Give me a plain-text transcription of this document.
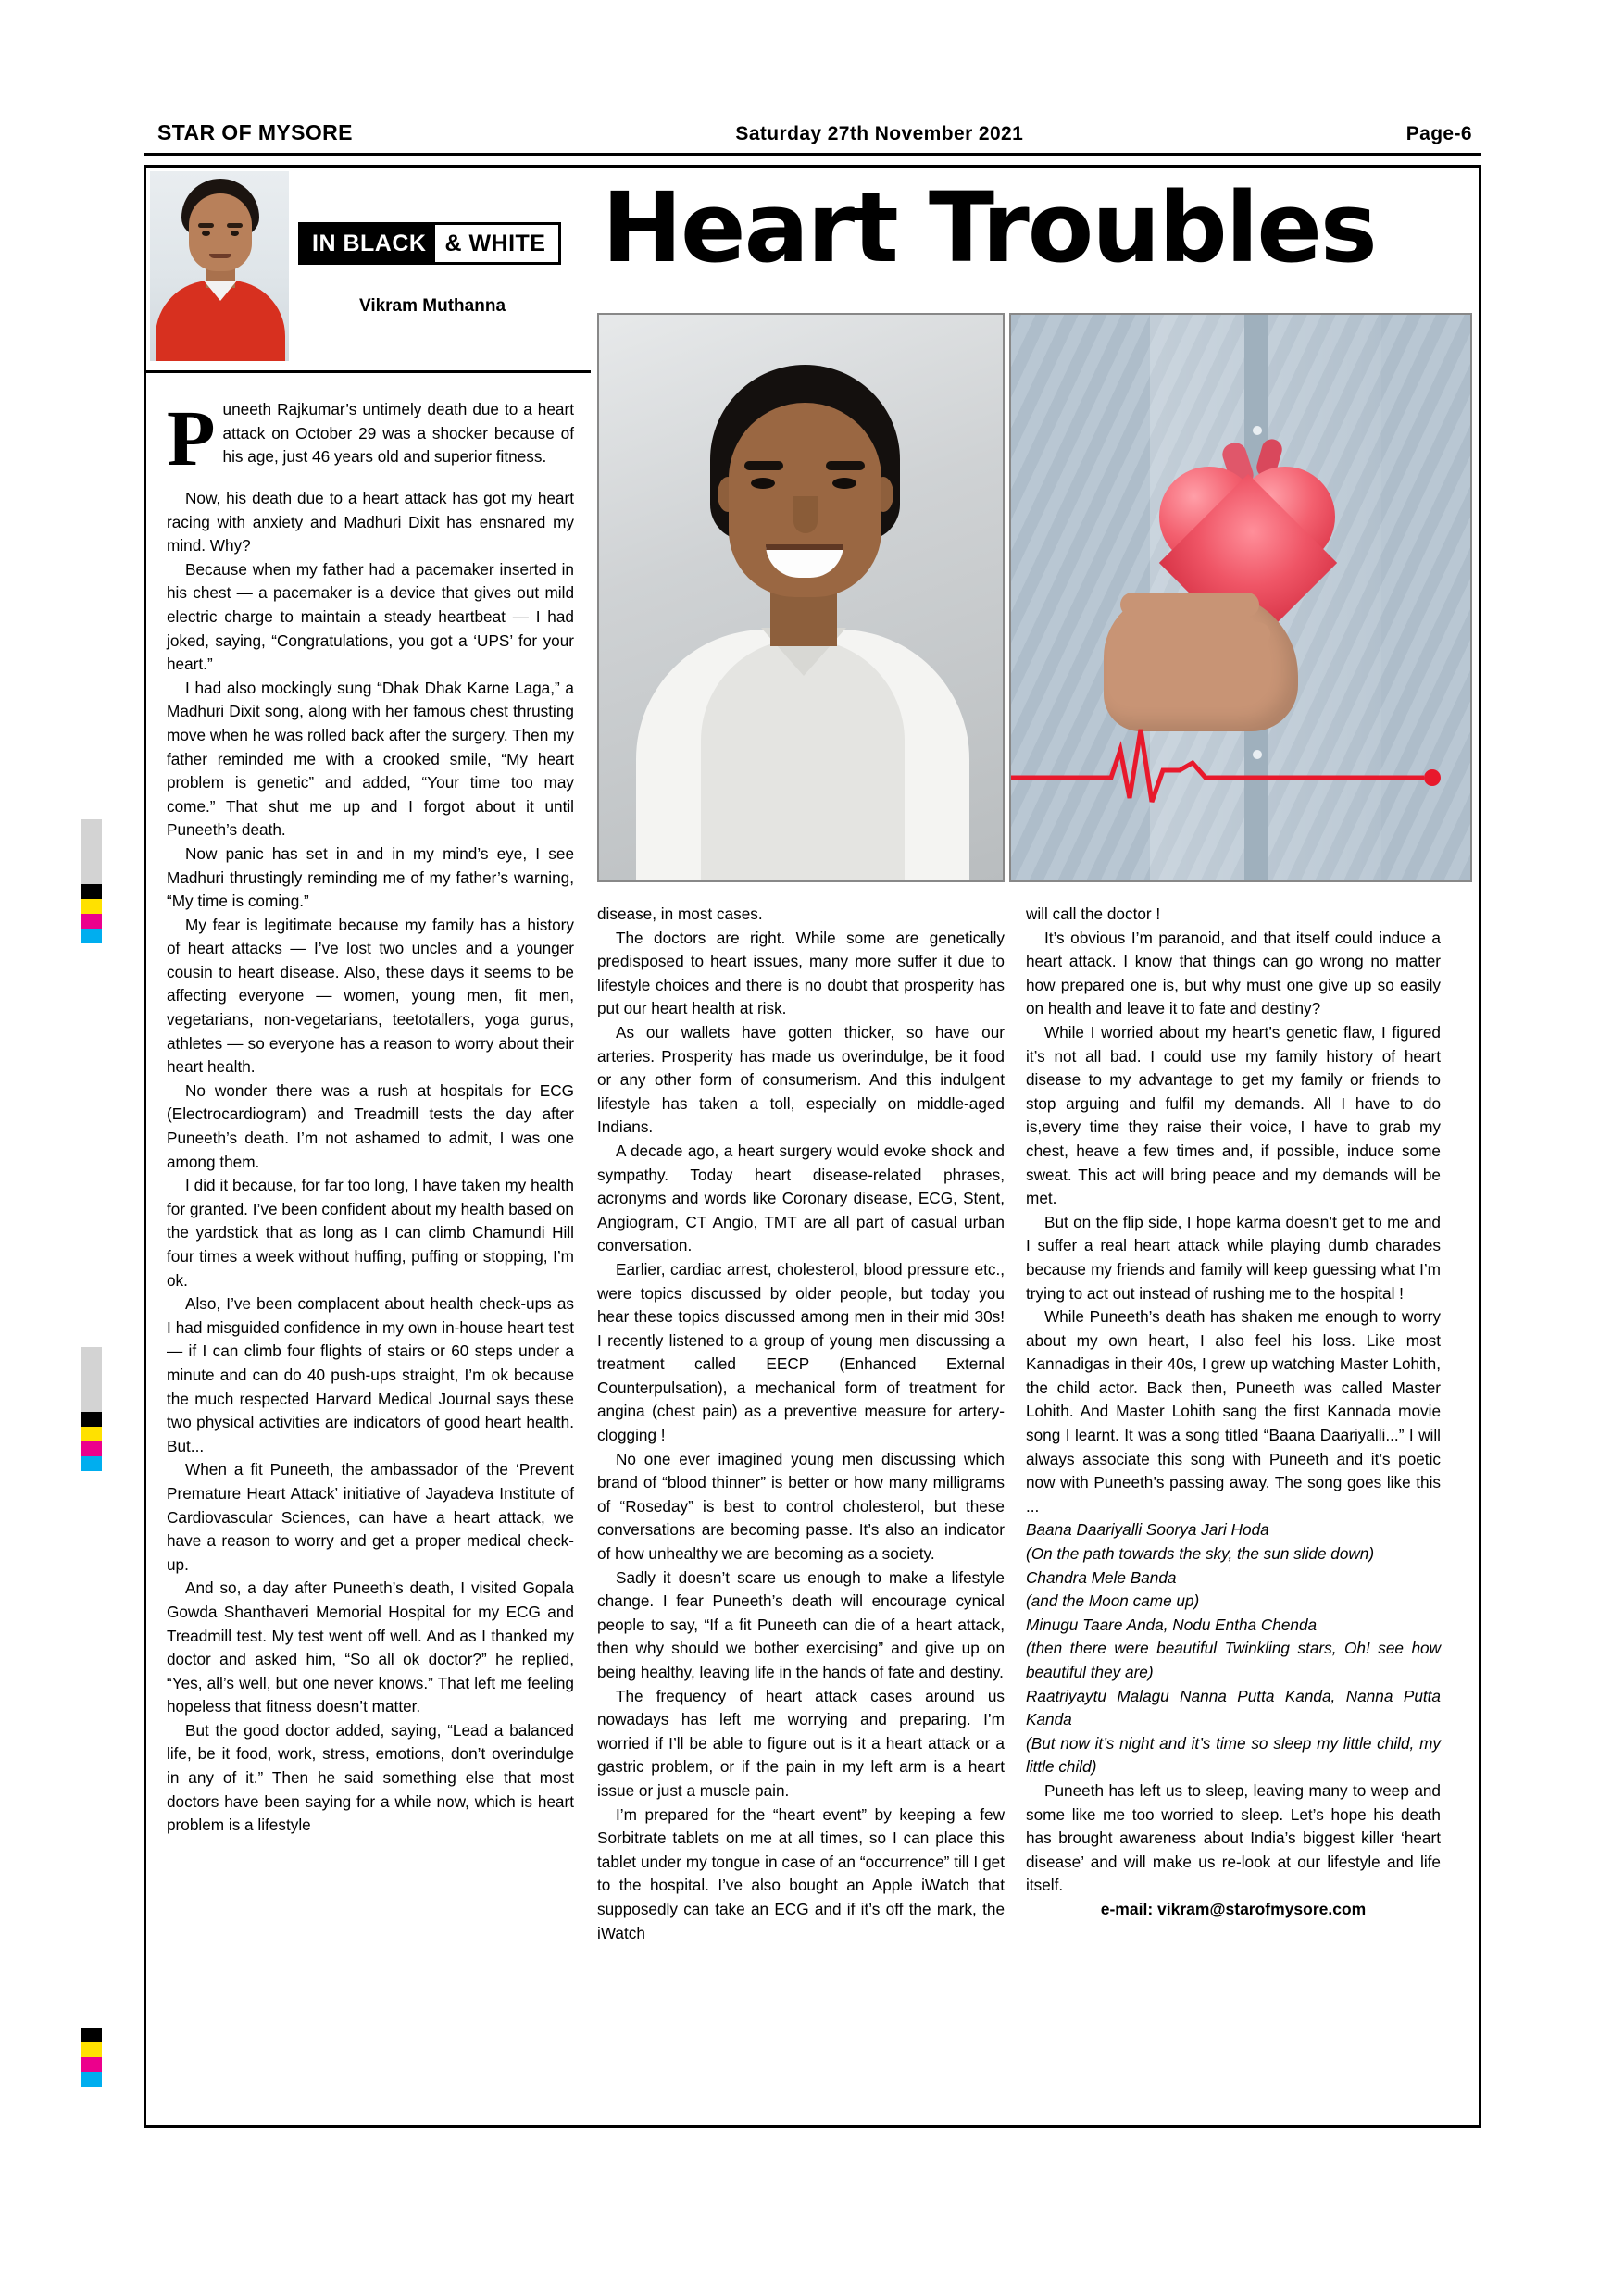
STAR OF MYSORE	Saturday 27th November 2021	Page-6
IN BLACK & WHITE
Vikram Muthanna
Heart Troubles

Puneeth Rajkumar’s untimely death due to a heart attack on October 29 was a shocker because of his age, just 46 years old and superior fitness.

Now, his death due to a heart attack has got my heart racing with anxiety and Madhuri Dixit has ensnared my mind. Why?

Because when my father had a pacemaker inserted in his chest — a pacemaker is a device that gives out mild electric charge to maintain a steady heartbeat — I had joked, saying, “Congratulations, you got a ‘UPS’ for your heart.”

I had also mockingly sung “Dhak Dhak Karne Laga,” a Madhuri Dixit song, along with her famous chest thrusting move when he was rolled back after the surgery. Then my father reminded me with a crooked smile, “My heart problem is genetic” and added, “Your time too may come.” That shut me up and I forgot about it until Puneeth’s death.

Now panic has set in and in my mind’s eye, I see Madhuri thrustingly reminding me of my father’s warning, “My time is coming.”

My fear is legitimate because my family has a history of heart attacks — I’ve lost two uncles and a younger cousin to heart disease. Also, these days it seems to be affecting everyone — women, young men, fit men, vegetarians, non-vegetarians, teetotallers, yoga gurus, athletes — so everyone has a reason to worry about their heart health.

No wonder there was a rush at hospitals for ECG (Electrocardiogram) and Treadmill tests the day after Puneeth’s death. I’m not ashamed to admit, I was one among them.

I did it because, for far too long, I have taken my health for granted. I’ve been confident about my health based on the yardstick that as long as I can climb Chamundi Hill four times a week without huffing, puffing or stopping, I’m ok.

Also, I’ve been complacent about health check-ups as I had misguided confidence in my own in-house heart test — if I can climb four flights of stairs or 60 steps under a minute and can do 40 push-ups straight, I’m ok because the much respected Harvard Medical Journal says these two physical activities are indicators of good heart health. But...

When a fit Puneeth, the ambassador of the ‘Prevent Premature Heart Attack’ initiative of Jayadeva Institute of Cardiovascular Sciences, can have a heart attack, we have a reason to worry and get a proper medical check-up.

And so, a day after Puneeth’s death, I visited Gopala Gowda Shanthaveri Memorial Hospital for my ECG and Treadmill test. My test went off well. And as I thanked my doctor and asked him, “So all ok doctor?” he replied, “Yes, all’s well, but one never knows.” That left me feeling hopeless that fitness doesn’t matter.

But the good doctor added, saying, “Lead a balanced life, be it food, work, stress, emotions, don’t overindulge in any of it.” Then he said something else that most doctors have been saying for a while now, which is heart problem is a lifestyle

disease, in most cases.

The doctors are right. While some are genetically predisposed to heart issues, many more suffer it due to lifestyle choices and there is no doubt that prosperity has put our heart health at risk.

As our wallets have gotten thicker, so have our arteries. Prosperity has made us overindulge, be it food or any other form of consumerism. And this indulgent lifestyle has taken a toll, especially on middle-aged Indians.

A decade ago, a heart surgery would evoke shock and sympathy. Today heart disease-related phrases, acronyms and words like Coronary disease, ECG, Stent, Angiogram, CT Angio, TMT are all part of casual urban conversation.

Earlier, cardiac arrest, cholesterol, blood pressure etc., were topics discussed by older people, but today you hear these topics discussed among men in their mid 30s! I recently listened to a group of young men discussing a treatment called EECP (Enhanced External Counterpulsation), a mechanical form of treatment for angina (chest pain) as a preventive measure for artery-clogging !

No one ever imagined young men discussing which brand of “blood thinner” is better or how many milligrams of “Roseday” is best to control cholesterol, but these conversations are becoming passe. It’s also an indicator of how unhealthy we are becoming as a society.

Sadly it doesn’t scare us enough to make a lifestyle change. I fear Puneeth’s death will encourage cynical people to say, “If a fit Puneeth can die of a heart attack, then why should we bother exercising” and give up on being healthy, leaving life in the hands of fate and destiny.

The frequency of heart attack cases around us nowadays has left me worrying and preparing. I’m worried if I’ll be able to figure out is it a heart attack or a gastric problem, or if the pain in my left arm is a heart issue or just a muscle pain.

I’m prepared for the “heart event” by keeping a few Sorbitrate tablets on me at all times, so I can place this tablet under my tongue in case of an “occurrence” till I get to the hospital. I’ve also bought an Apple iWatch that supposedly can take an ECG and if it’s off the mark, the iWatch

will call the doctor !

It’s obvious I’m paranoid, and that itself could induce a heart attack. I know that things can go wrong no matter how prepared one is, but why must one give up so easily on health and leave it to fate and destiny?

While I worried about my heart’s genetic flaw, I figured it’s not all bad. I could use my family history of heart disease to my advantage to get my family or friends to stop arguing and fulfil my demands. All I have to do is,every time they raise their voice, I have to grab my chest, heave a few times and, if possible, induce some sweat. This act will bring peace and my demands will be met.

But on the flip side, I hope karma doesn’t get to me and I suffer a real heart attack while playing dumb charades because my friends and family will keep guessing what I’m trying to act out instead of rushing me to the hospital !

While Puneeth’s death has shaken me enough to worry about my own heart, I also feel his loss. Like most Kannadigas in their 40s, I grew up watching Master Lohith, the child actor. Back then, Puneeth was called Master Lohith. And Master Lohith sang the first Kannada movie song I learnt. It was a song titled “Baana Daariyalli...” I will always associate this song with Puneeth and it’s poetic now with Puneeth’s passing away. The song goes like this ...

Baana Daariyalli Soorya Jari Hoda

(On the path towards the sky, the sun slide down)

Chandra Mele Banda

(and the Moon came up)

Minugu Taare Anda, Nodu Entha Chenda

(then there were beautiful Twinkling stars, Oh! see how beautiful they are)

Raatriyaytu Malagu Nanna Putta Kanda, Nanna Putta Kanda

(But now it’s night and it’s time so sleep my little child, my little child)

Puneeth has left us to sleep, leaving many to weep and some like me too worried to sleep. Let’s hope his death has brought awareness about India’s biggest killer ‘heart disease’ and will make us re-look at our lifestyle and life itself.

e-mail: vikram@starofmysore.com
